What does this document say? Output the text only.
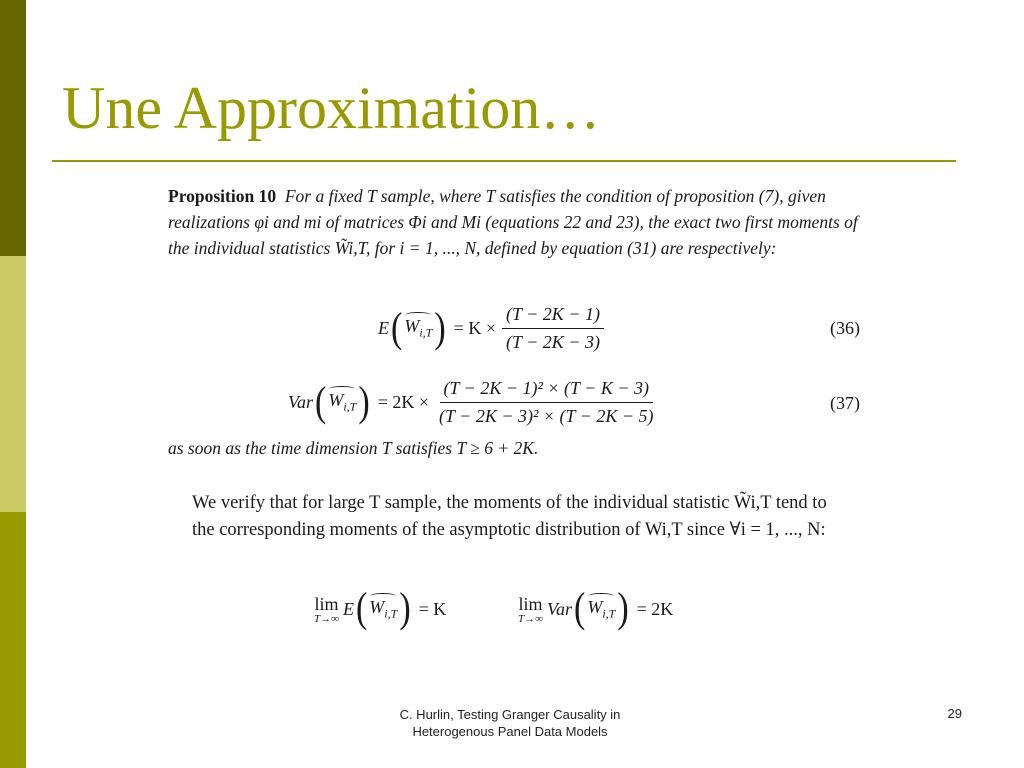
Une Approximation…
Proposition 10 For a fixed T sample, where T satisfies the condition of proposition (7), given realizations φi and mi of matrices Φi and Mi (equations 22 and 23), the exact two first moments of the individual statistics W̃i,T, for i = 1, ..., N, defined by equation (31) are respectively:
E ( $W_{i,T}$ ) = $K \times \frac{(T - 2K - 1)}{(T - 2K - 3)}$	(36)
Var ( $W_{i,T}$ ) = $2K \times \frac{\text{(T − 2K − 1)² × (T − K − 3)}}{\text{(T − 2K − 3)² × (T − 2K − 5)}}$	(37)
as soon as the time dimension T satisfies T ≥ 6 + 2K.
We verify that for large T sample, the moments of the individual statistic W̃i,T tend to the corresponding moments of the asymptotic distribution of Wi,T since ∀i = 1, ..., N:
lim
T→∞ E ( $W_{i,T}$ ) = K	lim
T→∞ Var ( $W_{i,T}$ ) = 2K
C. Hurlin, Testing Granger Causality in
Heterogenous Panel Data Models
29
